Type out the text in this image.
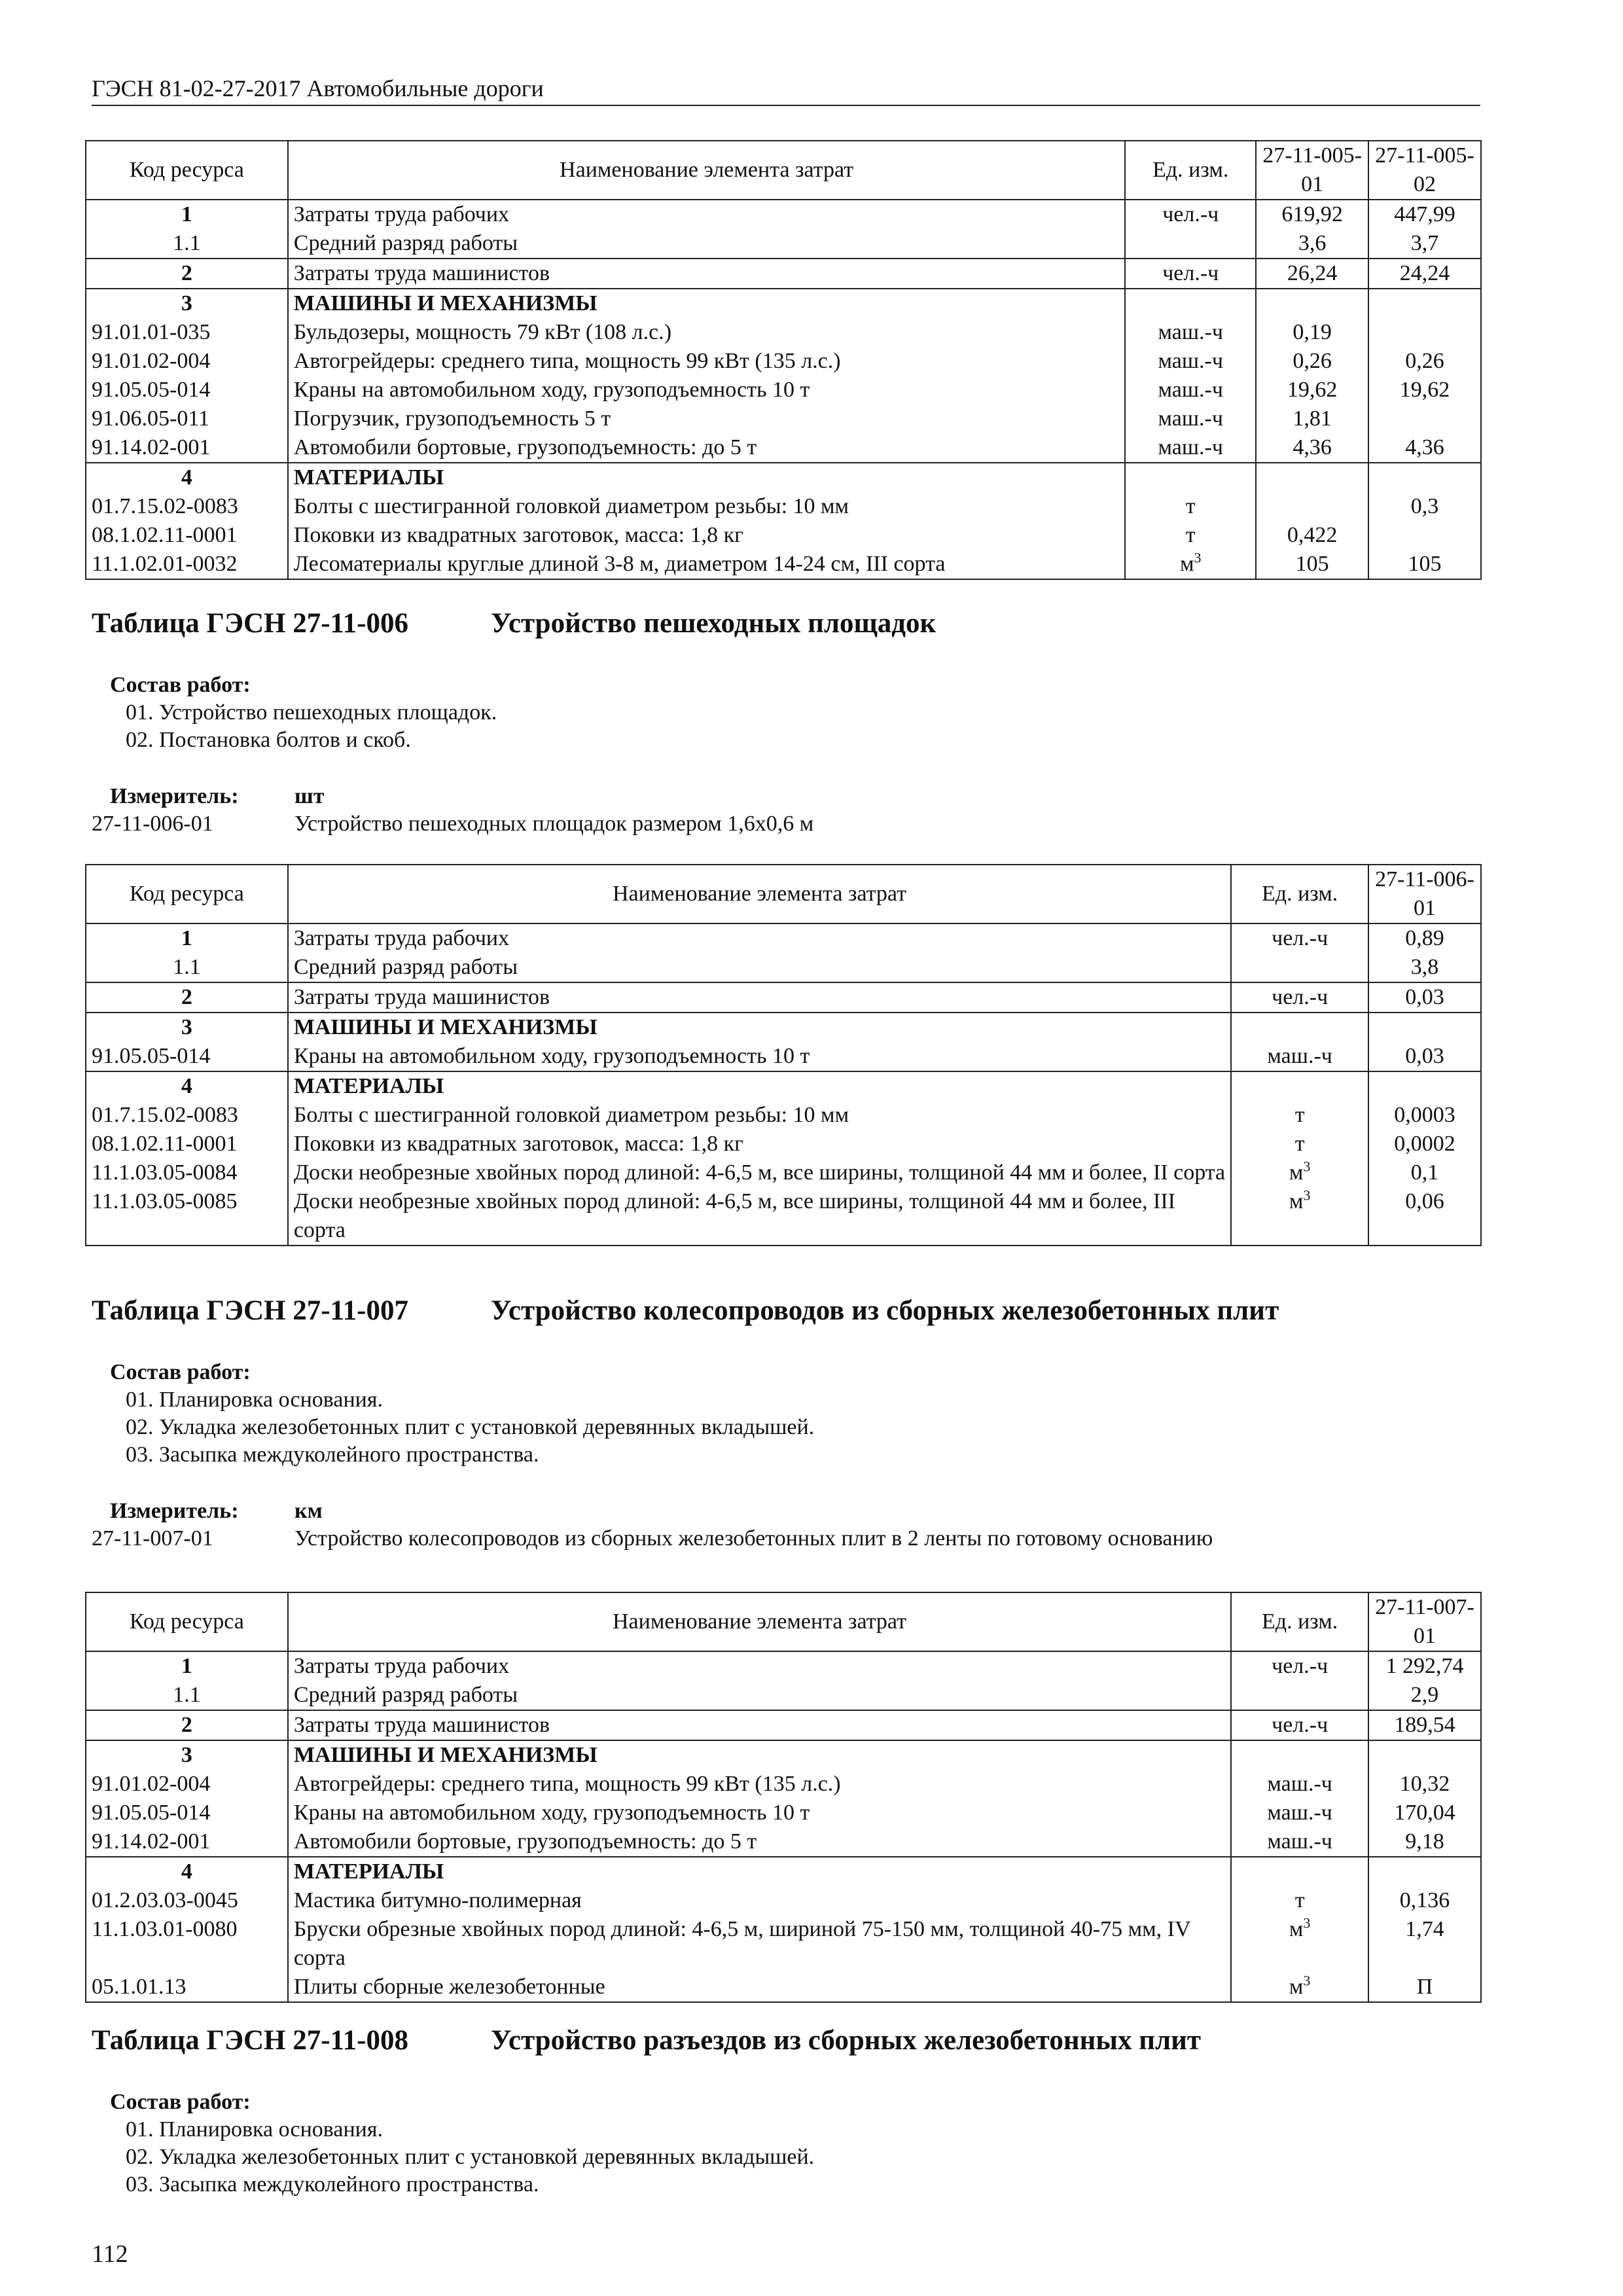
ГЭСН 81-02-27-2017 Автомобильные дороги
Код ресурса	Наименование элемента затрат	Ед. изм.	27-11-005-01	27-11-005-02
1	Затраты труда рабочих	чел.-ч	619,92	447,99
1.1	Средний разряд работы		3,6	3,7
2	Затраты труда машинистов	чел.-ч	26,24	24,24
3	МАШИНЫ И МЕХАНИЗМЫ			
91.01.01-035	Бульдозеры, мощность 79 кВт (108 л.с.)	маш.-ч	0,19	
91.01.02-004	Автогрейдеры: среднего типа, мощность 99 кВт (135 л.с.)	маш.-ч	0,26	0,26
91.05.05-014	Краны на автомобильном ходу, грузоподъемность 10 т	маш.-ч	19,62	19,62
91.06.05-011	Погрузчик, грузоподъемность 5 т	маш.-ч	1,81	
91.14.02-001	Автомобили бортовые, грузоподъемность: до 5 т	маш.-ч	4,36	4,36
4	МАТЕРИАЛЫ			
01.7.15.02-0083	Болты с шестигранной головкой диаметром резьбы: 10 мм	т		0,3
08.1.02.11-0001	Поковки из квадратных заготовок, масса: 1,8 кг	т	0,422	
11.1.02.01-0032	Лесоматериалы круглые длиной 3-8 м, диаметром 14-24 см, III сорта	$м^3$	105	105
Таблица ГЭСН 27-11-006	Устройство пешеходных площадок
Состав работ:
01. Устройство пешеходных площадок.
02. Постановка болтов и скоб.
Измеритель:	шт
27-11-006-01	Устройство пешеходных площадок размером 1,6х0,6 м
Код ресурса	Наименование элемента затрат	Ед. изм.	27-11-006-01
1	Затраты труда рабочих	чел.-ч	0,89
1.1	Средний разряд работы		3,8
2	Затраты труда машинистов	чел.-ч	0,03
3	МАШИНЫ И МЕХАНИЗМЫ		
91.05.05-014	Краны на автомобильном ходу, грузоподъемность 10 т	маш.-ч	0,03
4	МАТЕРИАЛЫ		
01.7.15.02-0083	Болты с шестигранной головкой диаметром резьбы: 10 мм	т	0,0003
08.1.02.11-0001	Поковки из квадратных заготовок, масса: 1,8 кг	т	0,0002
11.1.03.05-0084	Доски необрезные хвойных пород длиной: 4-6,5 м, все ширины, толщиной 44 мм и более, II сорта	$м^3$	0,1
11.1.03.05-0085	Доски необрезные хвойных пород длиной: 4-6,5 м, все ширины, толщиной 44 мм и более, III сорта	$м^3$	0,06
Таблица ГЭСН 27-11-007	Устройство колесопроводов из сборных железобетонных плит
Состав работ:
01. Планировка основания.
02. Укладка железобетонных плит с установкой деревянных вкладышей.
03. Засыпка междуколейного пространства.
Измеритель:	км
27-11-007-01	Устройство колесопроводов из сборных железобетонных плит в 2 ленты по готовому основанию
Код ресурса	Наименование элемента затрат	Ед. изм.	27-11-007-01
1	Затраты труда рабочих	чел.-ч	1 292,74
1.1	Средний разряд работы		2,9
2	Затраты труда машинистов	чел.-ч	189,54
3	МАШИНЫ И МЕХАНИЗМЫ		
91.01.02-004	Автогрейдеры: среднего типа, мощность 99 кВт (135 л.с.)	маш.-ч	10,32
91.05.05-014	Краны на автомобильном ходу, грузоподъемность 10 т	маш.-ч	170,04
91.14.02-001	Автомобили бортовые, грузоподъемность: до 5 т	маш.-ч	9,18
4	МАТЕРИАЛЫ		
01.2.03.03-0045	Мастика битумно-полимерная	т	0,136
11.1.03.01-0080	Бруски обрезные хвойных пород длиной: 4-6,5 м, шириной 75-150 мм, толщиной 40-75 мм, IV сорта	$м^3$	1,74
05.1.01.13	Плиты сборные железобетонные	$м^3$	П
Таблица ГЭСН 27-11-008	Устройство разъездов из сборных железобетонных плит
Состав работ:
01. Планировка основания.
02. Укладка железобетонных плит с установкой деревянных вкладышей.
03. Засыпка междуколейного пространства.
112
